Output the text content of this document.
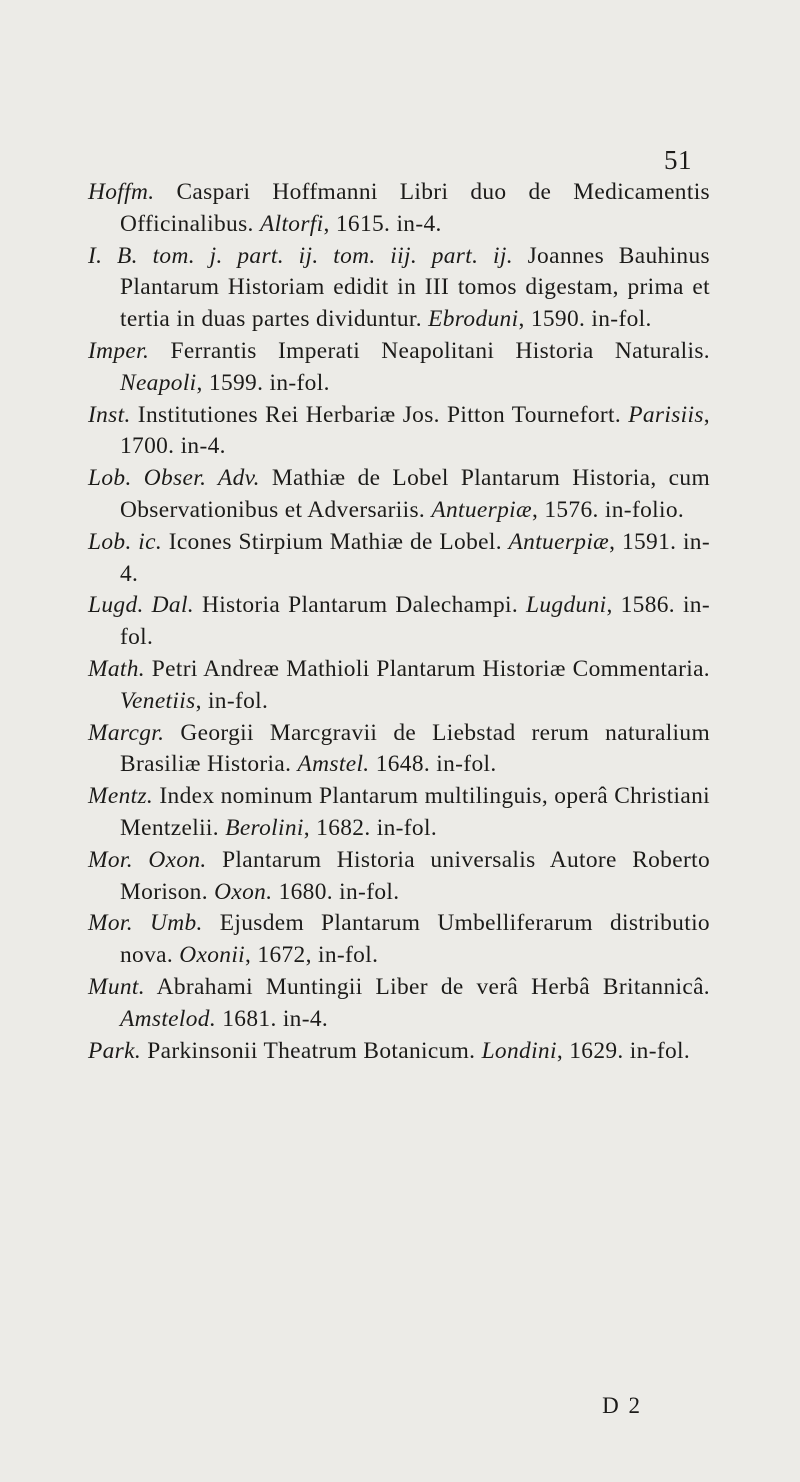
51

Hoffm. Caspari Hoffmanni Libri duo de Medicamentis Officinalibus. Altorfi, 1615. in-4.

I. B. tom. j. part. ij. tom. iij. part. ij. Joannes Bauhinus Plantarum Historiam edidit in III tomos digestam, prima et tertia in duas partes dividuntur. Ebroduni, 1590. in-fol.

Imper. Ferrantis Imperati Neapolitani Historia Naturalis. Neapoli, 1599. in-fol.

Inst. Institutiones Rei Herbariæ Jos. Pitton Tournefort. Parisiis, 1700. in-4.

Lob. Obser. Adv. Mathiæ de Lobel Plantarum Historia, cum Observationibus et Adversariis. Antuerpiæ, 1576. in-folio.

Lob. ic. Icones Stirpium Mathiæ de Lobel. Antuerpiæ, 1591. in-4.

Lugd. Dal. Historia Plantarum Dalechampi. Lugduni, 1586. in-fol.

Math. Petri Andreæ Mathioli Plantarum Historiæ Commentaria. Venetiis, in-fol.

Marcgr. Georgii Marcgravii de Liebstad rerum naturalium Brasiliæ Historia. Amstel. 1648. in-fol.

Mentz. Index nominum Plantarum multilinguis, operâ Christiani Mentzelii. Berolini, 1682. in-fol.

Mor. Oxon. Plantarum Historia universalis Autore Roberto Morison. Oxon. 1680. in-fol.

Mor. Umb. Ejusdem Plantarum Umbelliferarum distributio nova. Oxonii, 1672, in-fol.

Munt. Abrahami Muntingii Liber de verâ Herbâ Britannicâ. Amstelod. 1681. in-4.

Park. Parkinsonii Theatrum Botanicum. Londini, 1629. in-fol.

D 2
